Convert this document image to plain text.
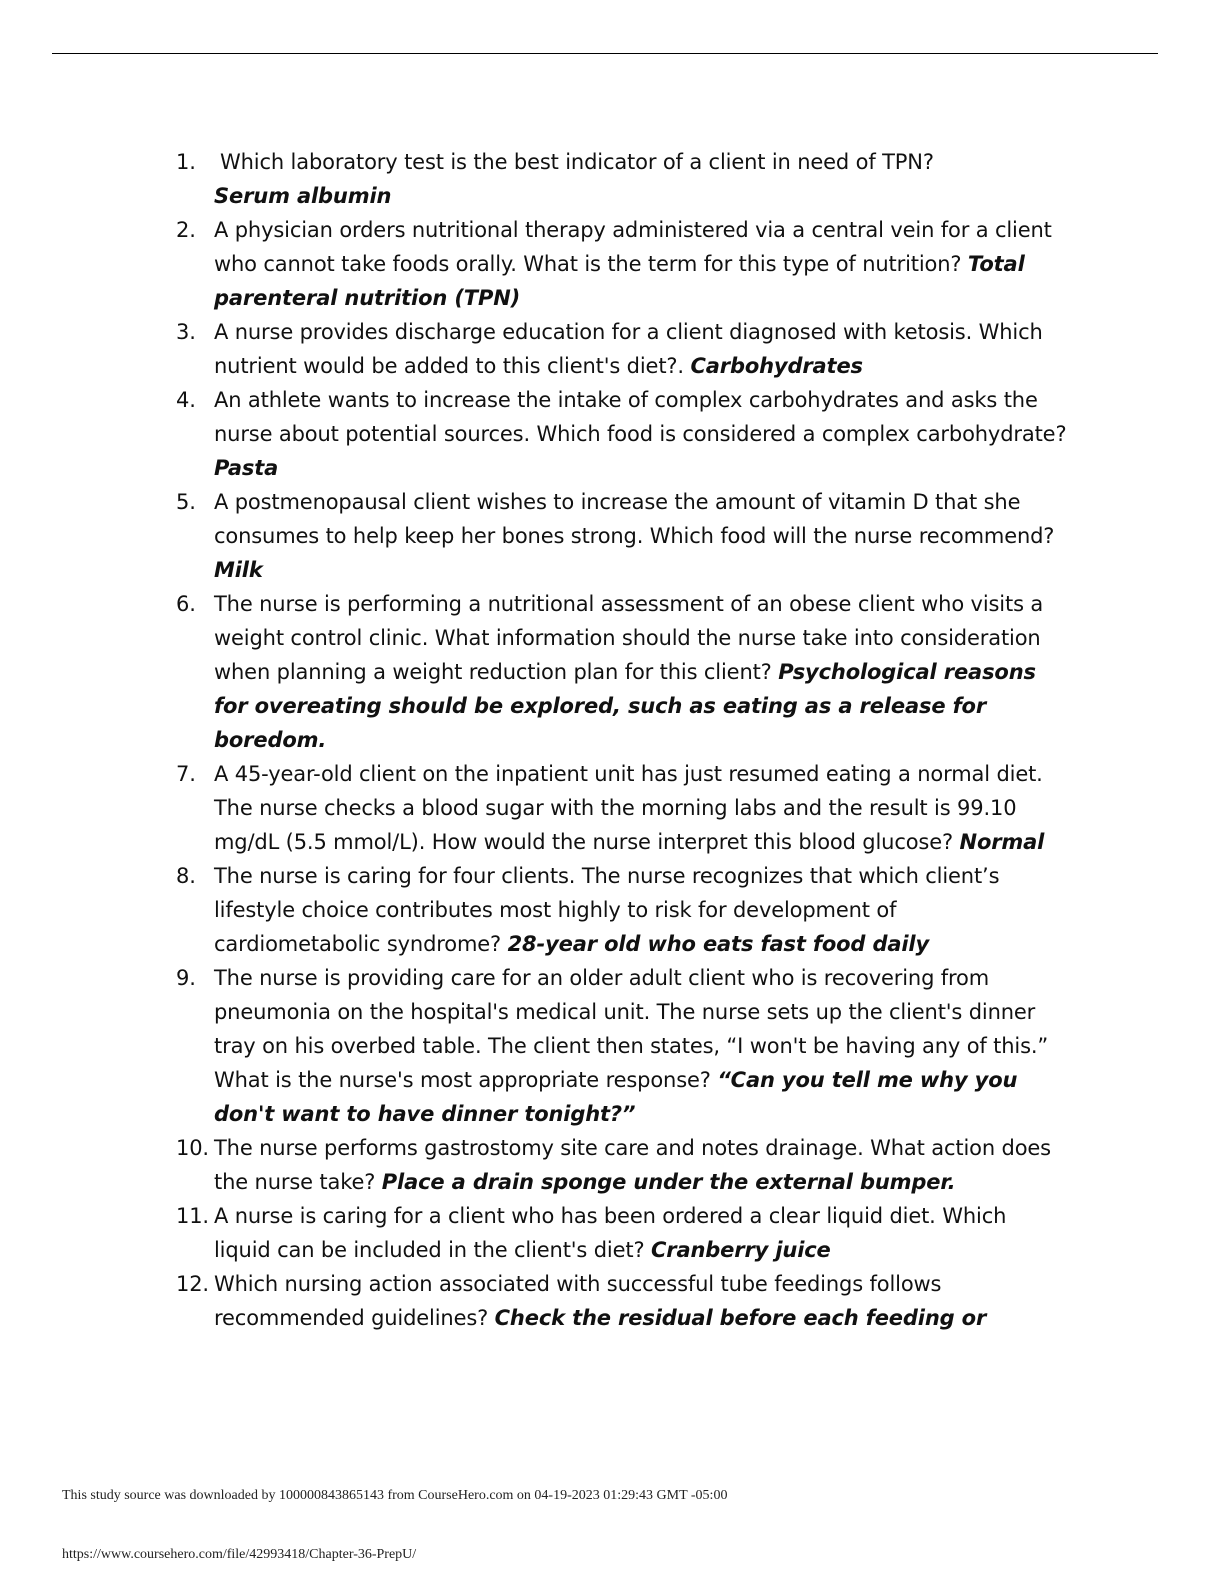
1. Which laboratory test is the best indicator of a client in need of TPN?
Serum albumin
2. A physician orders nutritional therapy administered via a central vein for a client who cannot take foods orally. What is the term for this type of nutrition? Total parenteral nutrition (TPN)
3. A nurse provides discharge education for a client diagnosed with ketosis. Which nutrient would be added to this client's diet?. Carbohydrates
4. An athlete wants to increase the intake of complex carbohydrates and asks the nurse about potential sources. Which food is considered a complex carbohydrate? Pasta
5. A postmenopausal client wishes to increase the amount of vitamin D that she consumes to help keep her bones strong. Which food will the nurse recommend? Milk
6. The nurse is performing a nutritional assessment of an obese client who visits a weight control clinic. What information should the nurse take into consideration when planning a weight reduction plan for this client? Psychological reasons for overeating should be explored, such as eating as a release for boredom.
7. A 45-year-old client on the inpatient unit has just resumed eating a normal diet. The nurse checks a blood sugar with the morning labs and the result is 99.10 mg/dL (5.5 mmol/L). How would the nurse interpret this blood glucose? Normal
8. The nurse is caring for four clients. The nurse recognizes that which client’s lifestyle choice contributes most highly to risk for development of cardiometabolic syndrome? 28-year old who eats fast food daily
9. The nurse is providing care for an older adult client who is recovering from pneumonia on the hospital's medical unit. The nurse sets up the client's dinner tray on his overbed table. The client then states, “I won't be having any of this.” What is the nurse's most appropriate response? “Can you tell me why you don't want to have dinner tonight?”
10. The nurse performs gastrostomy site care and notes drainage. What action does the nurse take? Place a drain sponge under the external bumper.
11. A nurse is caring for a client who has been ordered a clear liquid diet. Which liquid can be included in the client's diet? Cranberry juice
12. Which nursing action associated with successful tube feedings follows recommended guidelines? Check the residual before each feeding or
This study source was downloaded by 100000843865143 from CourseHero.com on 04-19-2023 01:29:43 GMT -05:00
https://www.coursehero.com/file/42993418/Chapter-36-PrepU/
